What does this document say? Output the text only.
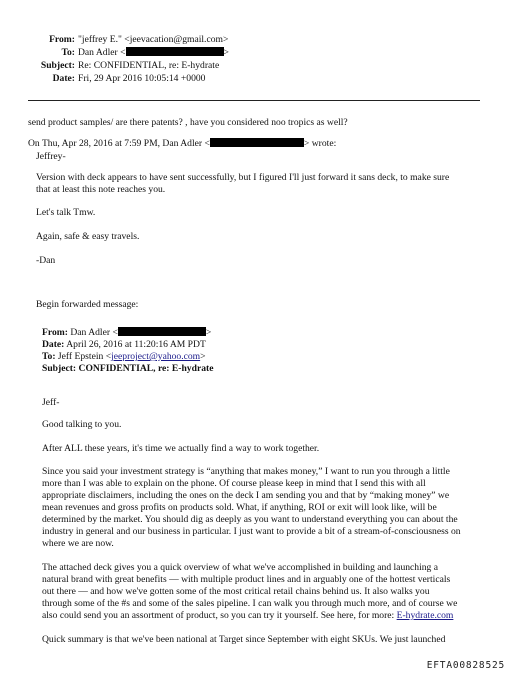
From: "jeffrey E." <jeevacation@gmail.com>
To: Dan Adler <	>
Subject: Re: CONFIDENTIAL, re: E-hydrate
Date: Fri, 29 Apr 2016 10:05:14 +0000
send product samples/ are there patents? , have you considered noo tropics as well?
On Thu, Apr 28, 2016 at 7:59 PM, Dan Adler <	> wrote:
Jeffrey-
Version with deck appears to have sent successfully, but I figured I'll just forward it sans deck, to make sure
that at least this note reaches you.
Let's talk Tmw.
Again, safe & easy travels.
-Dan
Begin forwarded message:
From: Dan Adler <	>
Date: April 26, 2016 at 11:20:16 AM PDT
To: Jeff Epstein <jeeproject@yahoo.com>
Subject: CONFIDENTIAL, re: E-hydrate
Jeff-
Good talking to you.
After ALL these years, it's time we actually find a way to work together.
Since you said your investment strategy is “anything that makes money,” I want to run you through a little
more than I was able to explain on the phone. Of course please keep in mind that I send this with all
appropriate disclaimers, including the ones on the deck I am sending you and that by “making money” we
mean revenues and gross profits on products sold. What, if anything, ROI or exit will look like, will be
determined by the market. You should dig as deeply as you want to understand everything you can about the
industry in general and our business in particular. I just want to provide a bit of a stream-of-consciousness on
where we are now.
The attached deck gives you a quick overview of what we've accomplished in building and launching a
natural brand with great benefits — with multiple product lines and in arguably one of the hottest verticals
out there — and how we've gotten some of the most critical retail chains behind us. It also walks you
through some of the #s and some of the sales pipeline. I can walk you through much more, and of course we
also could send you an assortment of product, so you can try it yourself. See here, for more: E-hydrate.com
Quick summary is that we've been national at Target since September with eight SKUs. We just launched
EFTA00828525
